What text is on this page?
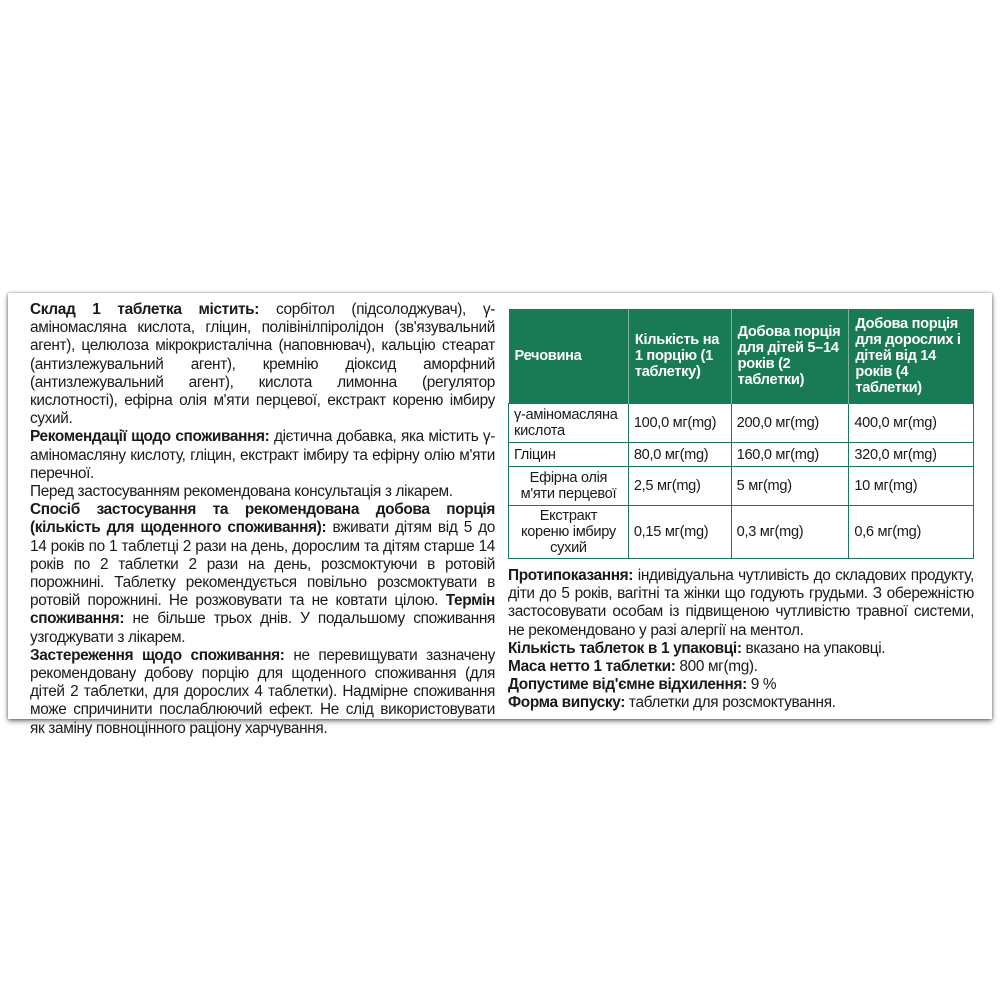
Склад 1 таблетка містить: сорбітол (підсолоджувач), γ-аміномасляна кислота, гліцин, полівінілпіролідон (зв'язувальний агент), целюлоза мікрокристалічна (наповнювач), кальцію стеарат (антизлежувальний агент), кремнію діоксид аморфний (антизлежувальний агент), кислота лимонна (регулятор кислотності), ефірна олія м'яти перцевої, екстракт кореню імбиру сухий.

Рекомендації щодо споживання: дієтична добавка, яка містить γ-аміномасляну кислоту, гліцин, екстракт імбиру та ефірну олію м'яти перечної.

Перед застосуванням рекомендована консультація з лікарем.

Спосіб застосування та рекомендована добова порція (кількість для щоденного споживання): вживати дітям від 5 до 14 років по 1 таблетці 2 рази на день, дорослим та дітям старше 14 років по 2 таблетки 2 рази на день, розсмоктуючи в ротовій порожнині. Таблетку рекомендується повільно розсмоктувати в ротовій порожнині. Не розжовувати та не ковтати цілою. Термін споживання: не більше трьох днів. У подальшому споживання узгоджувати з лікарем.

Застереження щодо споживання: не перевищувати зазначену рекомендовану добову порцію для щоденного споживання (для дітей 2 таблетки, для дорослих 4 таблетки). Надмірне споживання може спричинити послаблюючий ефект. Не слід використовувати як заміну повноцінного раціону харчування.

Речовина	Кількість на 1 порцію (1 таблетку)	Добова порція для дітей 5–14 років (2 таблетки)	Добова порція для дорослих і дітей від 14 років (4 таблетки)
γ-аміномасляна кислота	100,0 мг(mg)	200,0 мг(mg)	400,0 мг(mg)
Гліцин	80,0 мг(mg)	160,0 мг(mg)	320,0 мг(mg)
Ефірна олія м'яти перцевої	2,5 мг(mg)	5 мг(mg)	10 мг(mg)
Екстракт кореню імбиру сухий	0,15 мг(mg)	0,3 мг(mg)	0,6 мг(mg)

Протипоказання: індивідуальна чутливість до складових продукту, діти до 5 років, вагітні та жінки що годують грудьми. З обережністю застосовувати особам із підвищеною чутливістю травної системи, не рекомендовано у разі алергії на ментол.

Кількість таблеток в 1 упаковці: вказано на упаковці.

Маса нетто 1 таблетки: 800 мг(mg).

Допустиме від'ємне відхилення: 9 %

Форма випуску: таблетки для розсмоктування.
